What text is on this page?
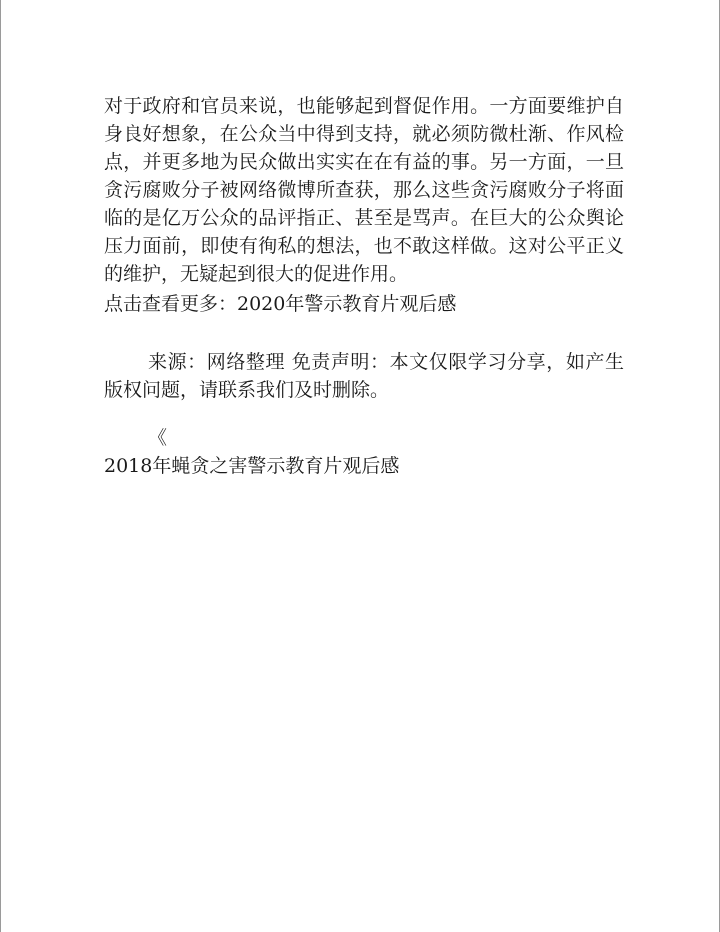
对于政府和官员来说，也能够起到督促作用。一方面要维护自
身良好想象，在公众当中得到支持，就必须防微杜渐、作风检
点，并更多地为民众做出实实在在有益的事。另一方面，一旦
贪污腐败分子被网络微博所查获，那么这些贪污腐败分子将面
临的是亿万公众的品评指正、甚至是骂声。在巨大的公众舆论
压力面前，即使有徇私的想法，也不敢这样做。这对公平正义
的维护，无疑起到很大的促进作用。
点击查看更多：2020年警示教育片观后感
来源：网络整理 免责声明：本文仅限学习分享，如产生
版权问题，请联系我们及时删除。
《
2018年蝇贪之害警示教育片观后感
